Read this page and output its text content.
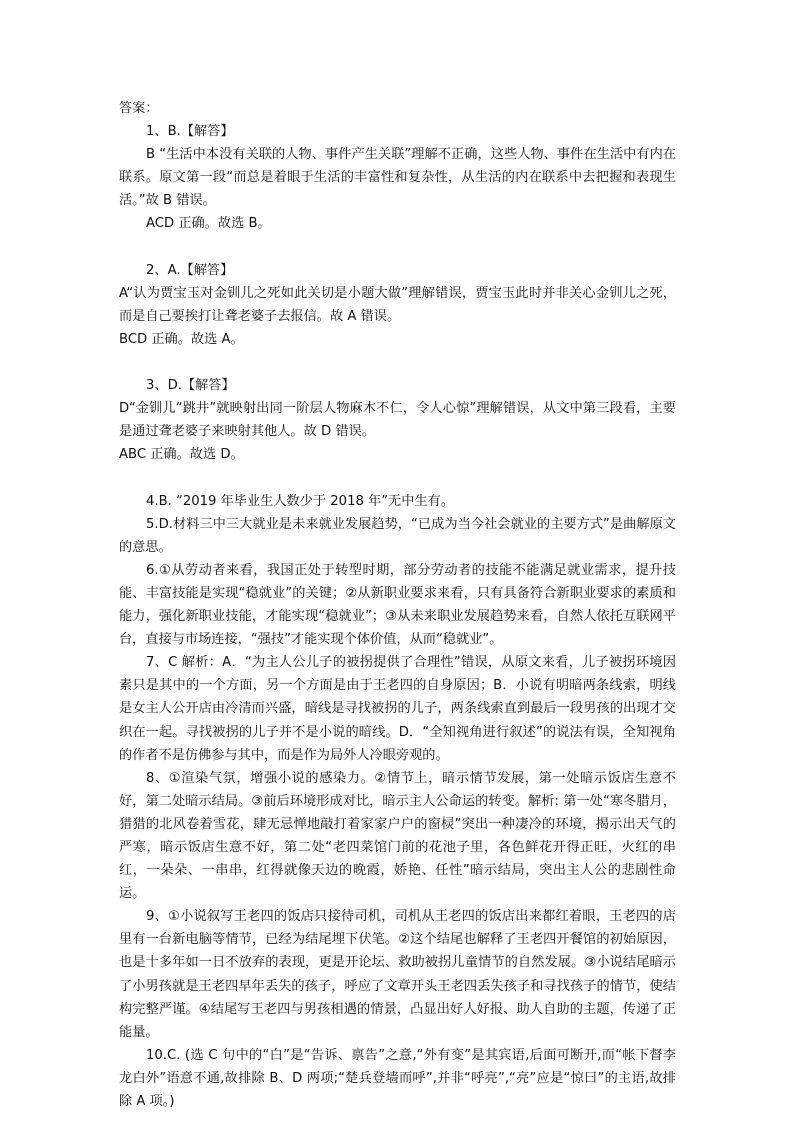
答案：

1、B.【解答】

B “生活中本没有关联的人物、事件产生关联”理解不正确，这些人物、事件在生活中有内在联系。原文第一段“而总是着眼于生活的丰富性和复杂性，从生活的内在联系中去把握和表现生活。”故 B 错误。

ACD 正确。故选 B。

2、A.【解答】

A“认为贾宝玉对金钏儿之死如此关切是小题大做”理解错误，贾宝玉此时并非关心金钏儿之死，而是自己要挨打让聋老婆子去报信。故 A 错误。

BCD 正确。故选 A。

3、D.【解答】

D“金钏儿“跳井”就映射出同一阶层人物麻木不仁，令人心惊”理解错误，从文中第三段看，主要是通过聋老婆子来映射其他人。故 D 错误。

ABC 正确。故选 D。

4.B. “2019 年毕业生人数少于 2018 年”无中生有。

5.D.材料三中三大就业是未来就业发展趋势，“已成为当今社会就业的主要方式”是曲解原文的意思。

6.①从劳动者来看，我国正处于转型时期，部分劳动者的技能不能满足就业需求，提升技能、丰富技能是实现“稳就业”的关键；②从新职业要求来看，只有具备符合新职业要求的素质和能力，强化新职业技能，才能实现“稳就业”；③从未来职业发展趋势来看，自然人依托互联网平台，直接与市场连接，“强技”才能实现个体价值，从而“稳就业”。

7、C 解析：A．“为主人公儿子的被拐提供了合理性”错误，从原文来看，儿子被拐环境因素只是其中的一个方面，另一个方面是由于王老四的自身原因；B．小说有明暗两条线索，明线是女主人公开店由冷清而兴盛，暗线是寻找被拐的儿子，两条线索直到最后一段男孩的出现才交织在一起。寻找被拐的儿子并不是小说的暗线。D．“全知视角进行叙述”的说法有误，全知视角的作者不是仿佛参与其中，而是作为局外人冷眼旁观的。

8、①渲染气氛，增强小说的感染力。②情节上，暗示情节发展，第一处暗示饭店生意不好，第二处暗示结局。③前后环境形成对比，暗示主人公命运的转变。解析: 第一处“寒冬腊月，猎猎的北风卷着雪花，肆无忌惮地敲打着家家户户的窗棂”突出一种凄冷的环境，揭示出天气的严寒，暗示饭店生意不好，第二处“老四菜馆门前的花池子里，各色鲜花开得正旺，火红的串红，一朵朵、一串串，红得就像天边的晚霞，娇艳、任性”暗示结局，突出主人公的悲剧性命运。

9、①小说叙写王老四的饭店只接待司机，司机从王老四的饭店出来都红着眼，王老四的店里有一台新电脑等情节，已经为结尾埋下伏笔。②这个结尾也解释了王老四开餐馆的初始原因，也是十多年如一日不放弃的表现，更是开论坛、救助被拐儿童情节的自然发展。③小说结尾暗示了小男孩就是王老四早年丢失的孩子，呼应了文章开头王老四丢失孩子和寻找孩子的情节，使结构完整严谨。④结尾写王老四与男孩相遇的情景，凸显出好人好报、助人自助的主题，传递了正能量。

10.C. (选 C 句中的“白”是“告诉、禀告”之意,“外有变”是其宾语,后面可断开,而“帐下督李龙白外”语意不通,故排除 B、D 两项;“楚兵登墙而呼”,并非“呼亮”,“亮”应是“惊曰”的主语,故排除 A 项。)
